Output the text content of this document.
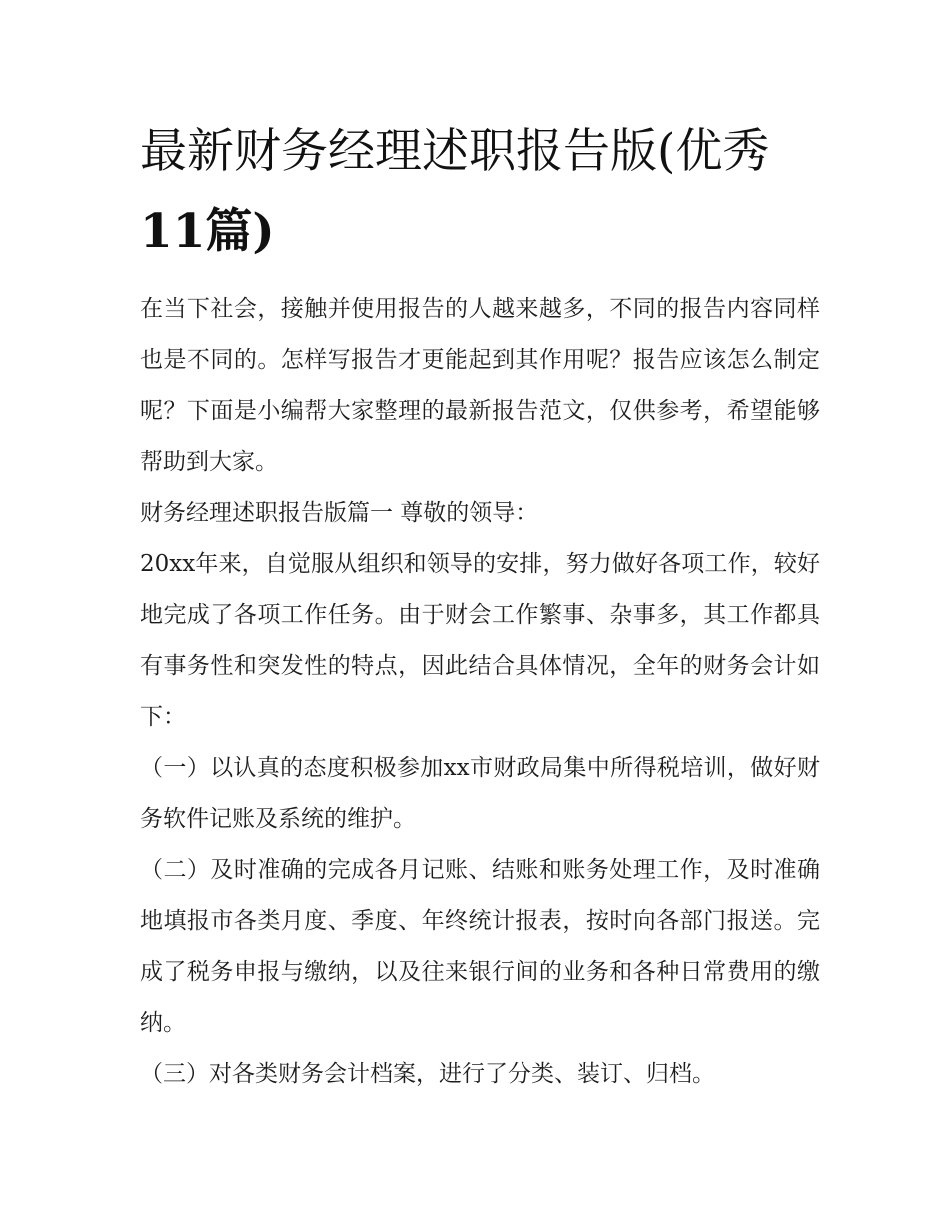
最新财务经理述职报告版(优秀
11篇)

在当下社会，接触并使用报告的人越来越多，不同的报告内容同样也是不同的。怎样写报告才更能起到其作用呢？报告应该怎么制定呢？下面是小编帮大家整理的最新报告范文，仅供参考，希望能够帮助到大家。

财务经理述职报告版篇一 尊敬的领导：

20xx年来，自觉服从组织和领导的安排，努力做好各项工作，较好地完成了各项工作任务。由于财会工作繁事、杂事多，其工作都具有事务性和突发性的特点，因此结合具体情况，全年的财务会计如下：

（一）以认真的态度积极参加xx市财政局集中所得税培训，做好财务软件记账及系统的维护。

（二）及时准确的完成各月记账、结账和账务处理工作，及时准确地填报市各类月度、季度、年终统计报表，按时向各部门报送。完成了税务申报与缴纳，以及往来银行间的业务和各种日常费用的缴纳。

（三）对各类财务会计档案，进行了分类、装订、归档。
